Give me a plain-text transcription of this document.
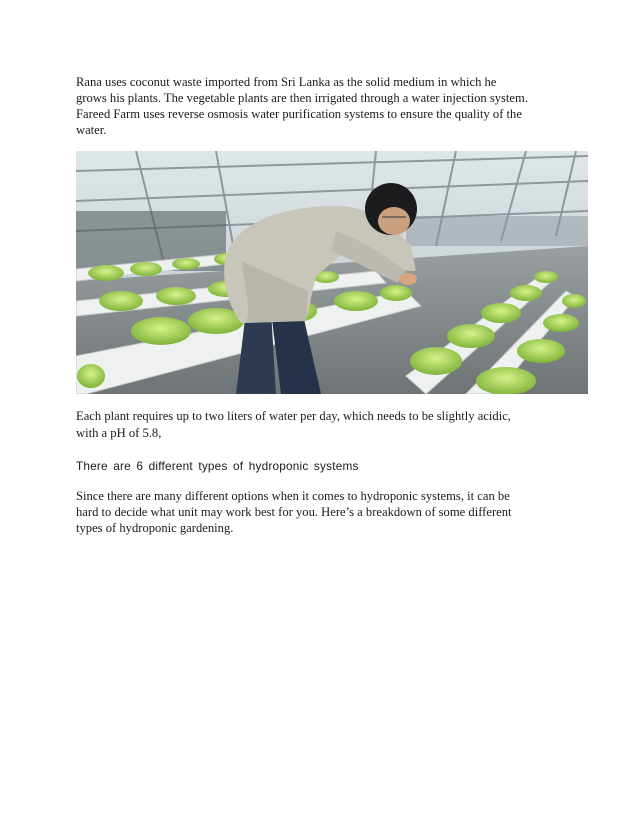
Rana uses coconut waste imported from Sri Lanka as the solid medium in which he
grows his plants. The vegetable plants are then irrigated through a water injection system.
Fareed Farm uses reverse osmosis water purification systems to ensure the quality of the
water.

Each plant requires up to two liters of water per day, which needs to be slightly acidic,
with a pH of 5.8,

There are 6 different types of hydroponic systems

Since there are many different options when it comes to hydroponic systems, it can be
hard to decide what unit may work best for you. Here’s a breakdown of some different
types of hydroponic gardening.
